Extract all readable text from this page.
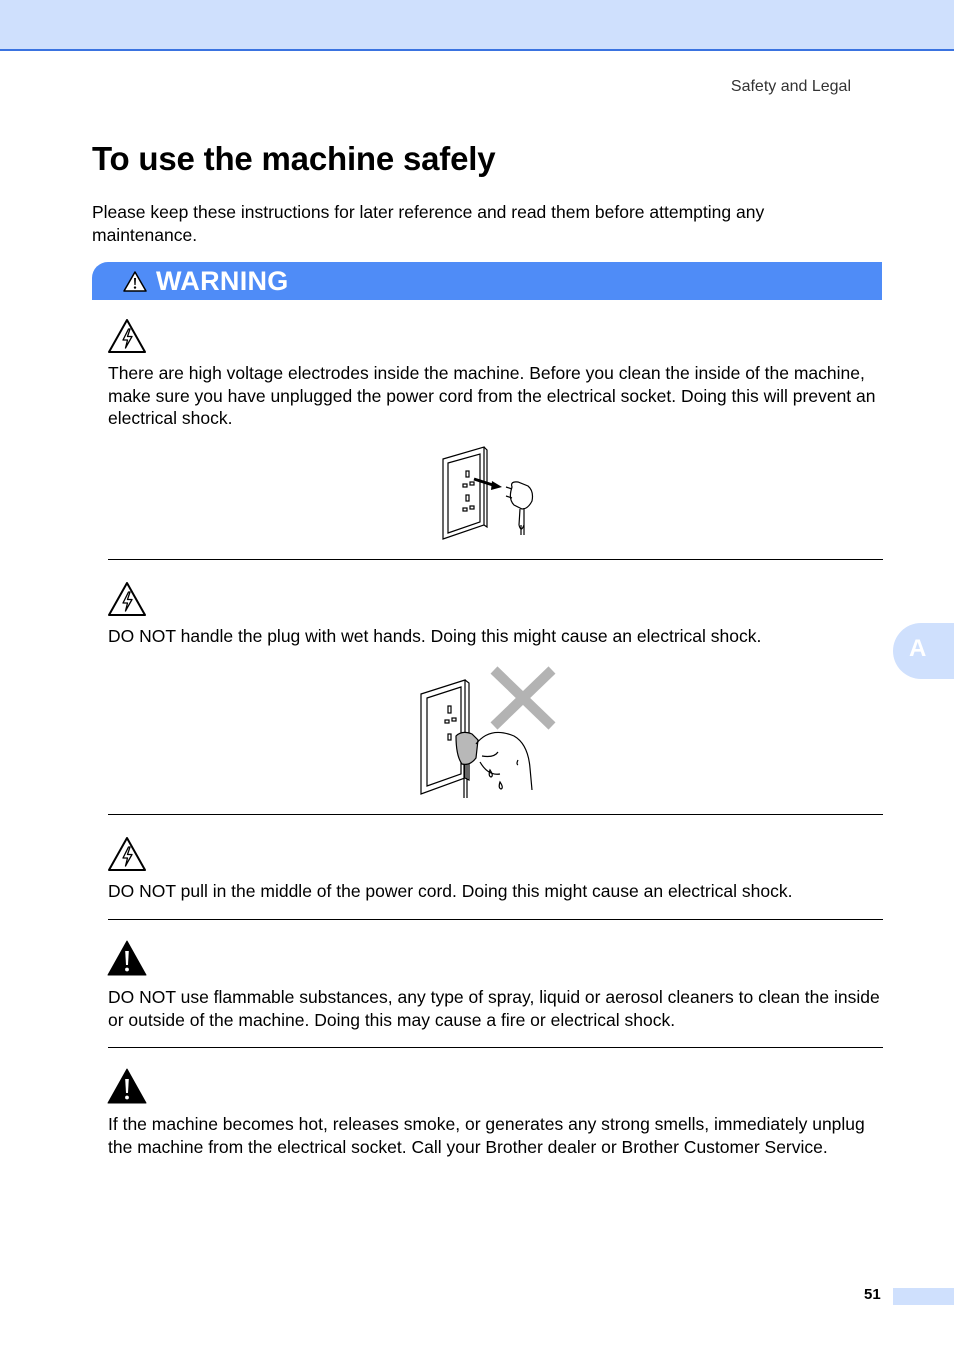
Safety and Legal
To use the machine safely

Please keep these instructions for later reference and read them before attempting any maintenance.

WARNING

There are high voltage electrodes inside the machine. Before you clean the inside of the machine, make sure you have unplugged the power cord from the electrical socket. Doing this will prevent an electrical shock.

DO NOT handle the plug with wet hands. Doing this might cause an electrical shock.

DO NOT pull in the middle of the power cord. Doing this might cause an electrical shock.

DO NOT use flammable substances, any type of spray, liquid or aerosol cleaners to clean the inside or outside of the machine. Doing this may cause a fire or electrical shock.

If the machine becomes hot, releases smoke, or generates any strong smells, immediately unplug the machine from the electrical socket. Call your Brother dealer or Brother Customer Service.

A
51
